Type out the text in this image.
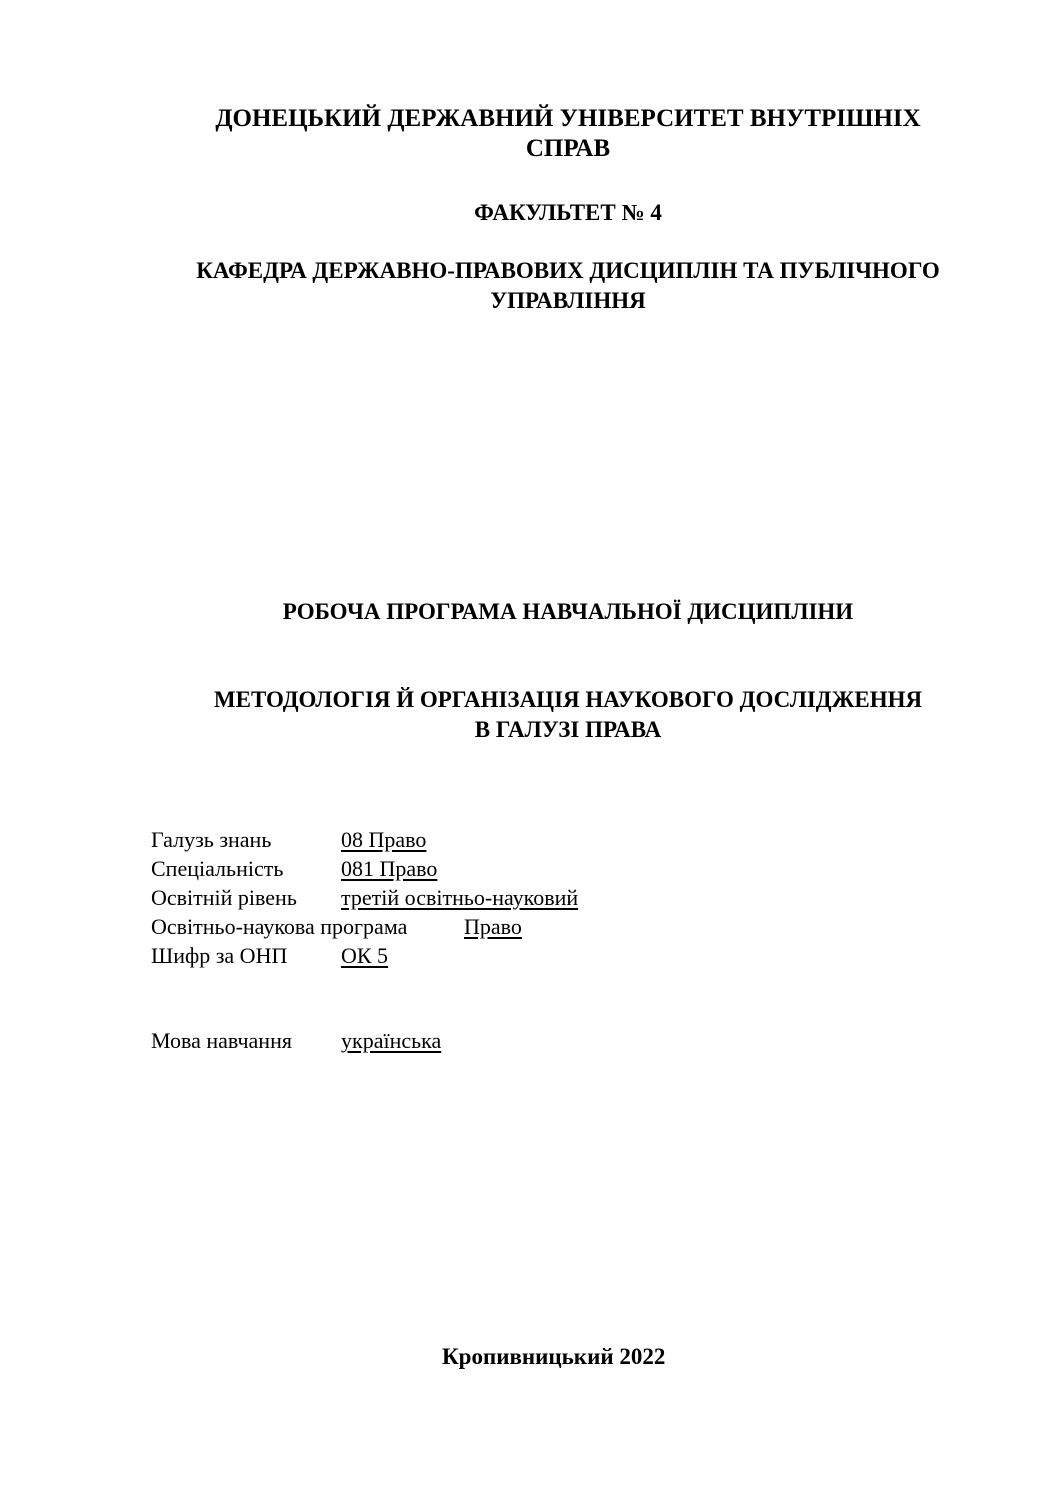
ДОНЕЦЬКИЙ ДЕРЖАВНИЙ УНІВЕРСИТЕТ ВНУТРІШНІХ
СПРАВ
ФАКУЛЬТЕТ № 4
КАФЕДРА ДЕРЖАВНО-ПРАВОВИХ ДИСЦИПЛІН ТА ПУБЛІЧНОГО
УПРАВЛІННЯ
РОБОЧА ПРОГРАМА НАВЧАЛЬНОЇ ДИСЦИПЛІНИ
МЕТОДОЛОГІЯ Й ОРГАНІЗАЦІЯ НАУКОВОГО ДОСЛІДЖЕННЯ
В ГАЛУЗІ ПРАВА
Галузь знань	08 Право
Спеціальність	081 Право
Освітній рівень третій освітньо-науковий
Освітньо-наукова програма	Право
Шифр за ОНП ОК 5
Мова навчання українська
Кропивницький 2022
